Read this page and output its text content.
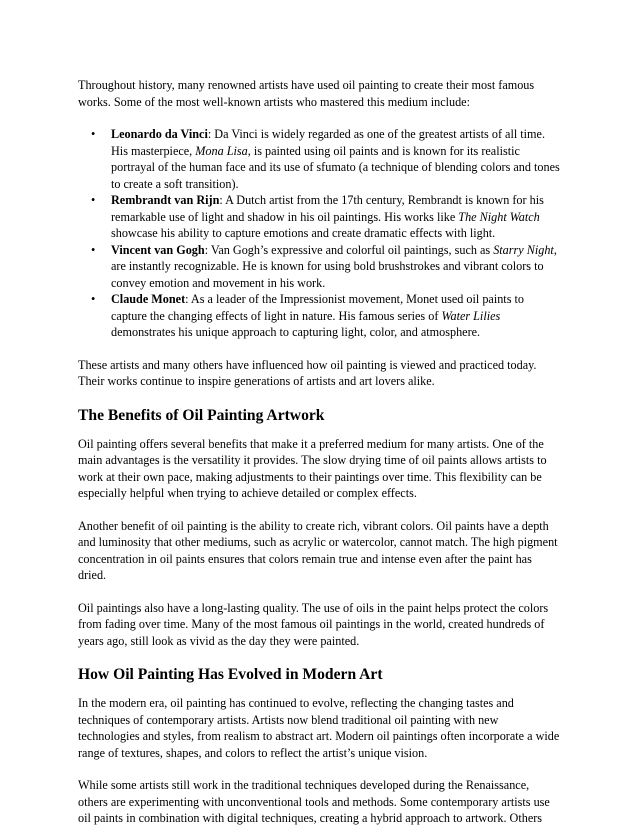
Throughout history, many renowned artists have used oil painting to create their most famous works. Some of the most well-known artists who mastered this medium include:

• Leonardo da Vinci: Da Vinci is widely regarded as one of the greatest artists of all time. His masterpiece, Mona Lisa, is painted using oil paints and is known for its realistic portrayal of the human face and its use of sfumato (a technique of blending colors and tones to create a soft transition).
• Rembrandt van Rijn: A Dutch artist from the 17th century, Rembrandt is known for his remarkable use of light and shadow in his oil paintings. His works like The Night Watch showcase his ability to capture emotions and create dramatic effects with light.
• Vincent van Gogh: Van Gogh’s expressive and colorful oil paintings, such as Starry Night, are instantly recognizable. He is known for using bold brushstrokes and vibrant colors to convey emotion and movement in his work.
• Claude Monet: As a leader of the Impressionist movement, Monet used oil paints to capture the changing effects of light in nature. His famous series of Water Lilies demonstrates his unique approach to capturing light, color, and atmosphere.

These artists and many others have influenced how oil painting is viewed and practiced today. Their works continue to inspire generations of artists and art lovers alike.

The Benefits of Oil Painting Artwork

Oil painting offers several benefits that make it a preferred medium for many artists. One of the main advantages is the versatility it provides. The slow drying time of oil paints allows artists to work at their own pace, making adjustments to their paintings over time. This flexibility can be especially helpful when trying to achieve detailed or complex effects.

Another benefit of oil painting is the ability to create rich, vibrant colors. Oil paints have a depth and luminosity that other mediums, such as acrylic or watercolor, cannot match. The high pigment concentration in oil paints ensures that colors remain true and intense even after the paint has dried.

Oil paintings also have a long-lasting quality. The use of oils in the paint helps protect the colors from fading over time. Many of the most famous oil paintings in the world, created hundreds of years ago, still look as vivid as the day they were painted.

How Oil Painting Has Evolved in Modern Art

In the modern era, oil painting has continued to evolve, reflecting the changing tastes and techniques of contemporary artists. Artists now blend traditional oil painting with new technologies and styles, from realism to abstract art. Modern oil paintings often incorporate a wide range of textures, shapes, and colors to reflect the artist’s unique vision.

While some artists still work in the traditional techniques developed during the Renaissance, others are experimenting with unconventional tools and methods. Some contemporary artists use oil paints in combination with digital techniques, creating a hybrid approach to artwork. Others
